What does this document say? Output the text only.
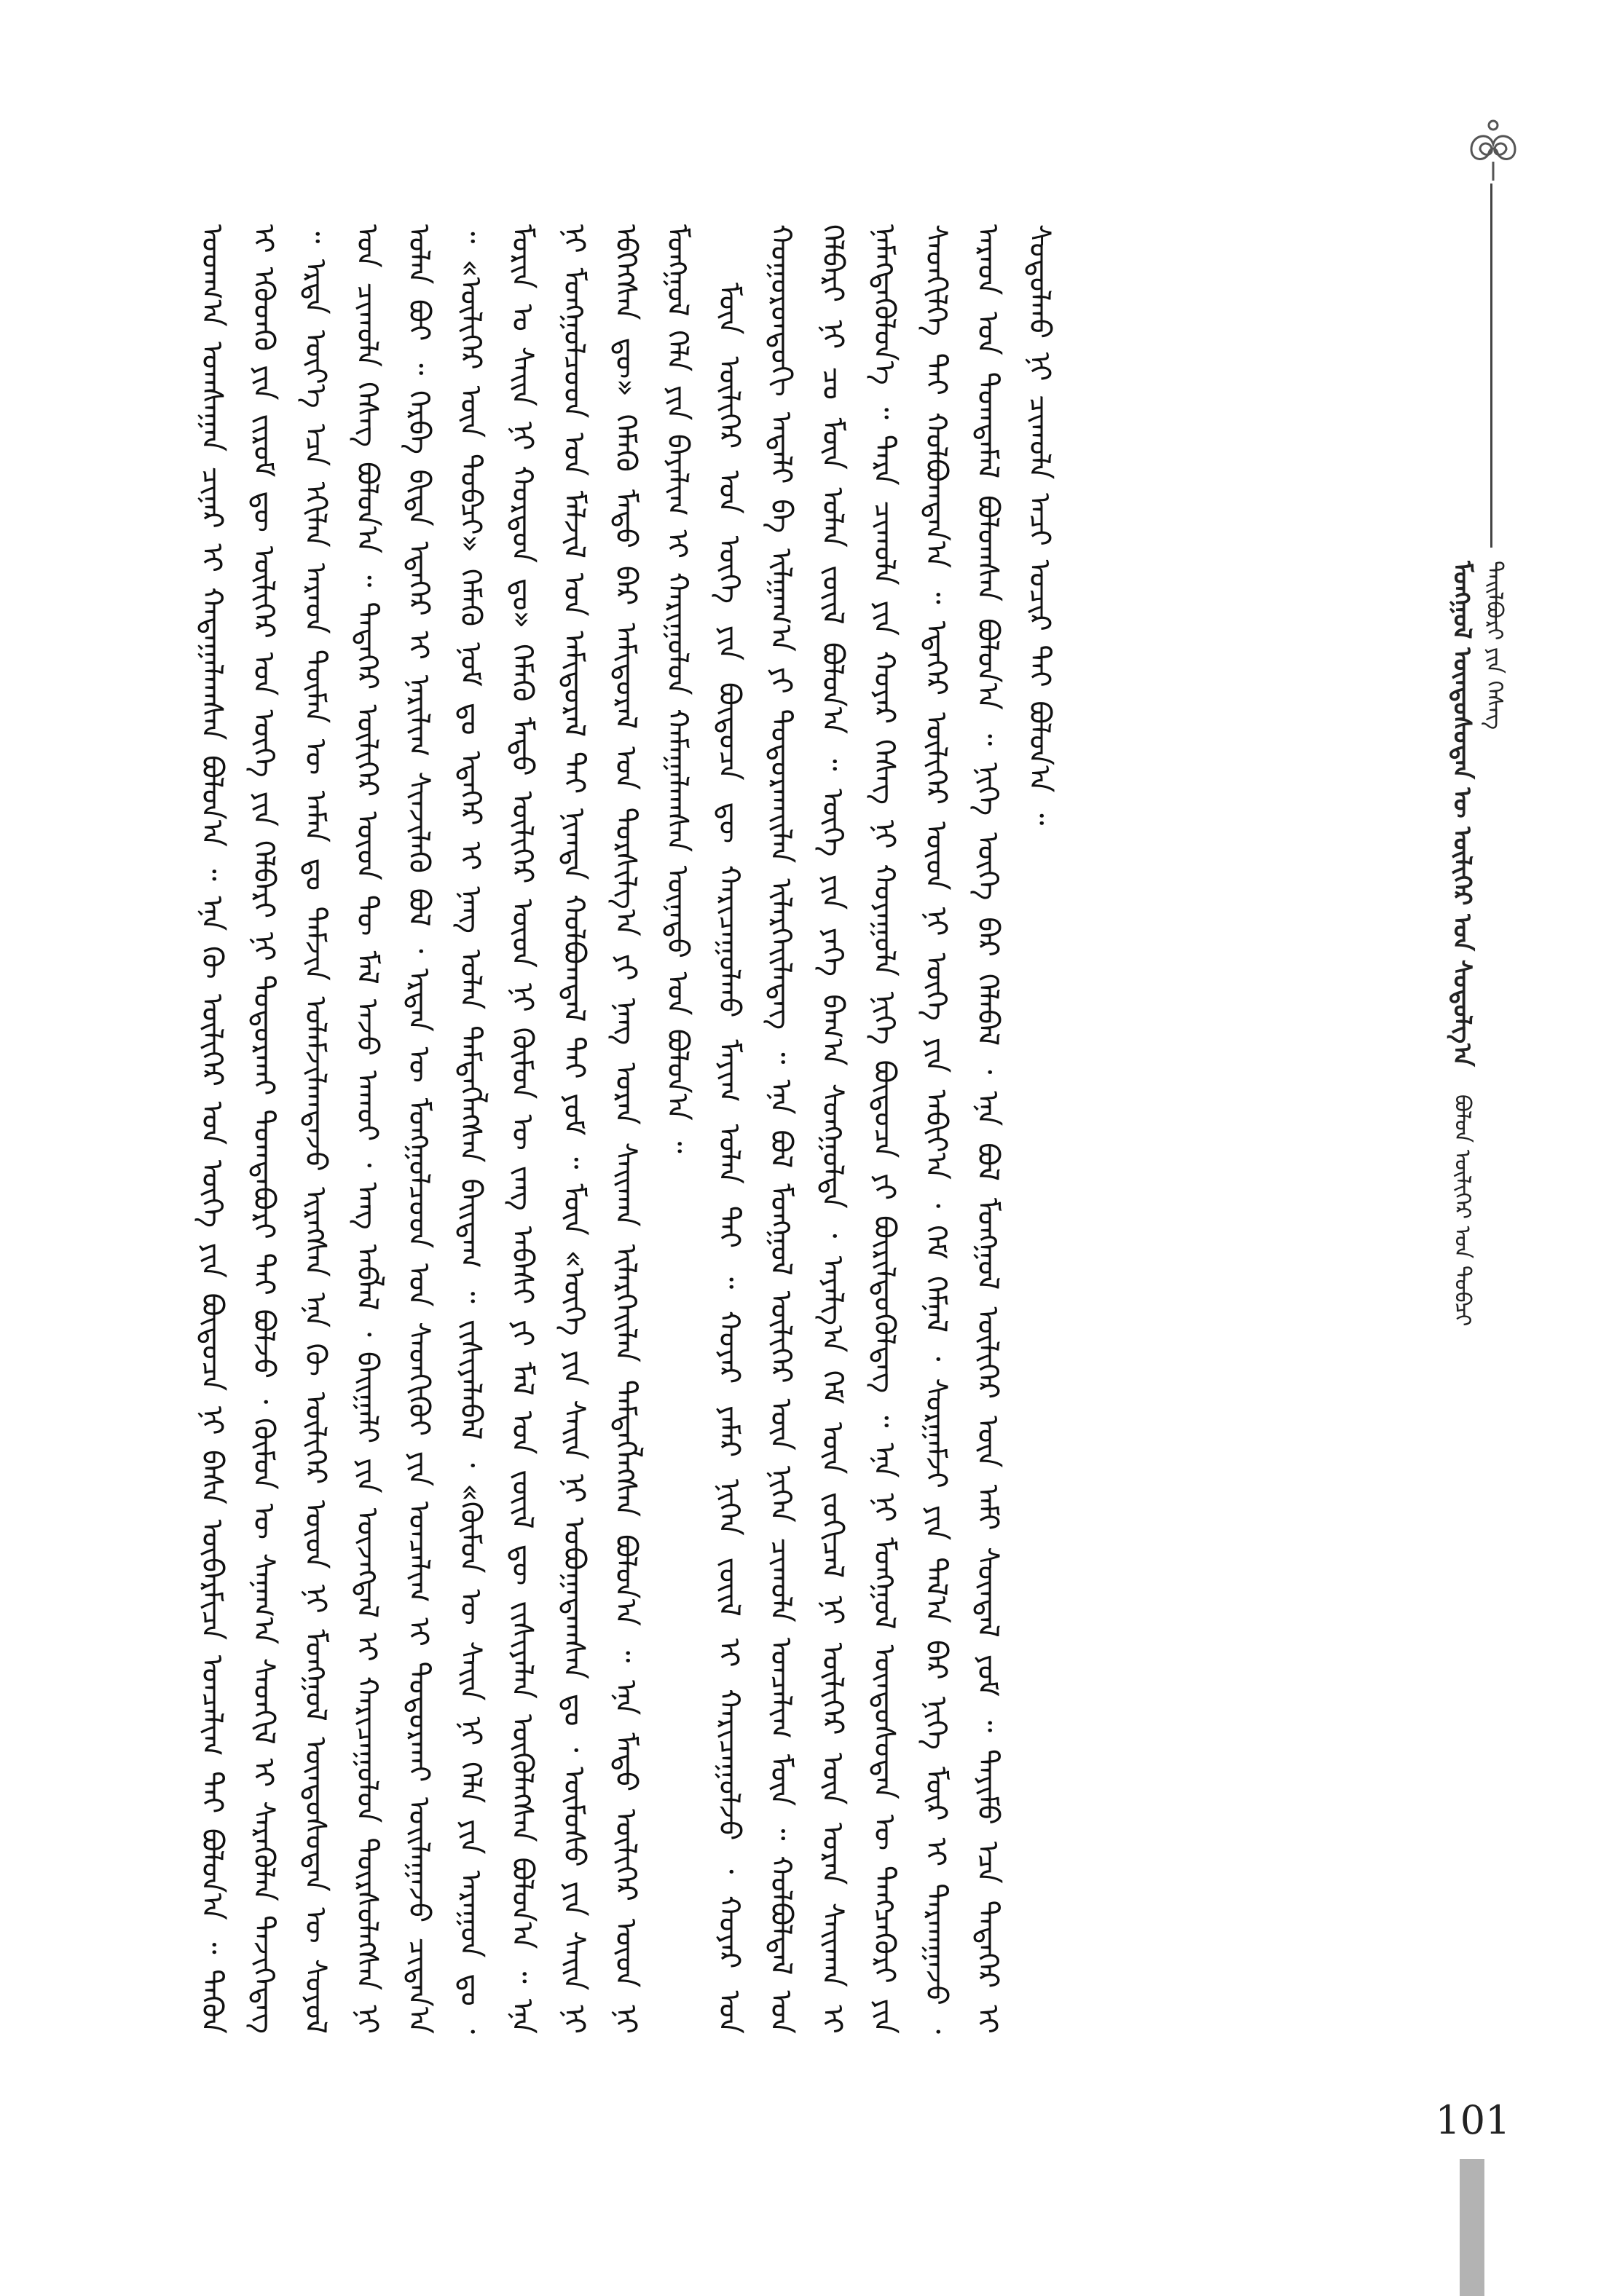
ᠮᠣᠩᠭᠣᠯ ᠦᠨᠳᠦᠰᠦᠲᠡᠨ ᠦ ᠦᠯᠢᠭᠡᠷ ᠤᠨ ᠰᠤᠳᠤᠯᠭ᠎ᠠ    ᠪᠣᠯᠤᠨ ᠦᠯᠢᠭᠡᠷ ᠤᠨ ᠲᠣᠪᠴᠢ ᠲᠠᠢᠯᠪᠤᠷᠢ ᠶᠢᠨ ᠬᠡᠰᠡᠭ

ᠤᠳᠬ᠎ᠠ ᠤᠭᠰᠠᠭᠠᠨ ᠴᠢᠨᠠᠷ ᠢ ᠬᠠᠳᠠᠭᠠᠯᠠᠭᠰᠠᠨ ᠪᠣᠯᠣᠨ᠎ᠠ ᠃ ᠡᠨᠡ ᠬᠦ ᠦᠯᠢᠭᠡᠷ ᠤᠨ ᠦᠭᠡ ᠶᠢᠨ ᠪᠦᠲᠦᠴᠡ ᠨᠢ ᠪᠠᠰᠠ ᠥᠪᠡᠷᠮᠢᠴᠡ ᠣᠨᠴᠠᠯᠢᠭ ᠲᠠᠢ ᠪᠣᠯᠣᠨ᠎ᠠ ᠃ ᠲᠡᠭᠦᠨ ᠢ ᠡᠭᠦᠳᠬᠦ ᠶᠢᠨ ᠵᠢᠷᠤᠮ ᠳᠦ ᠦᠯᠢᠭᠡᠷ ᠤᠨ ᠦᠭᠡ ᠶᠢᠨ ᠬᠡᠯᠪᠡᠷᠢ ᠨᠢ ᠲᠣᠳᠣᠷᠬᠠᠢ ᠲᠣᠭᠲᠠᠪᠣᠷᠢ ᠲᠠᠢ ᠪᠣᠯᠵᠤ ᠂ ᠬᠦᠮᠦᠨ ᠦ ᠰᠠᠨᠠᠭ᠎ᠠ ᠰᠡᠳᠬᠢᠯ ᠢ ᠰᠡᠷᠡᠭᠦᠯᠡᠨ ᠲᠡᠵᠢᠭᠡᠳᠡᠭ ᠃ ᠡᠷᠲᠡ ᠦᠶ᠎ᠡ ᠡᠴᠡ ᠡᠬᠢᠯᠡᠨ ᠠᠷᠠᠳ ᠲᠦᠮᠡᠨ ᠦ ᠠᠮᠠᠨ ᠳᠤ ᠳᠠᠮᠵᠢᠨ ᠤᠯᠠᠮᠵᠢᠯᠠᠭᠳᠠᠵᠤ ᠢᠷᠡᠭᠰᠡᠨ ᠡᠨᠡ ᠬᠦ ᠦᠯᠢᠭᠡᠷ ᠦᠳ ᠨᠢ ᠮᠣᠩᠭᠣᠯ ᠦᠨᠳᠦᠰᠦᠲᠡᠨ ᠦ ᠰᠣᠶᠣᠯ ᠤᠨ ᠴᠢᠬᠤᠯᠠ ᠬᠡᠰᠡᠭ ᠪᠣᠯᠣᠨ᠎ᠠ ᠃ ᠲᠡᠳᠡᠭᠡᠷ ᠦᠯᠢᠭᠡᠷ ᠦᠳ ᠲᠦ ᠮᠠᠯ ᠠᠵᠤ ᠠᠬᠤᠢ ᠂ ᠠᠩ ᠠᠪᠯᠠᠯ ᠂ ᠪᠠᠢᠭᠠᠯᠢ ᠶᠢᠨ ᠦᠵᠡᠭᠳᠡᠯ ᠢ ᠬᠠᠷᠢᠴᠠᠭᠤᠯᠤᠨ ᠳᠦᠷᠰᠦᠯᠡᠭᠰᠡᠨ ᠨᠢ ᠣᠯᠠᠨ ᠪᠣᠢ ᠃ ᠬᠡᠷᠪᠡ ᠪᠢᠳᠡ ᠡᠳᠡᠭᠡᠷ ᠢ ᠨᠠᠷᠢᠯᠢᠭ ᠰᠢᠨᠵᠢᠯᠡᠬᠦ ᠪᠣᠯ ᠂ ᠡᠷᠲᠡᠨ ᠦ ᠮᠣᠩᠭᠣᠯᠴᠤᠳ ᠤᠨ ᠰᠡᠳᠬᠢᠬᠦᠢ ᠶᠢᠨ ᠣᠨᠴᠠᠯᠢᠭ ᠢ ᠲᠣᠳᠣᠷᠬᠠᠢ ᠣᠢᠯᠠᠭᠠᠵᠤ ᠴᠢᠳᠠᠨ᠎ᠠ ᠃ «ᠦᠯᠢᠭᠡᠷ ᠦᠨ ᠲᠣᠪᠴᠢ» ᠬᠡᠮᠡᠬᠦ ᠨᠣᠮ ᠳᠤ ᠡᠳᠡᠭᠡᠷ ᠢ ᠨᠡᠩ ᠣᠯᠠᠨ ᠲᠡᠮᠳᠡᠭᠯᠡᠭᠰᠡᠨ ᠪᠠᠢᠳᠠᠭ ᠃ ᠵᠢᠱᠢᠶᠡᠯᠡᠪᠡᠯ ᠂ «ᠬᠦᠮᠦᠨ ᠦ ᠰᠠᠢᠨ ᠨᠢ ᠬᠡᠯᠡ ᠶᠢᠨ ᠠᠷᠠᠭᠤᠨ ᠳᠤ ᠂ ᠮᠣᠷᠢᠨ ᠤ ᠰᠠᠢᠨ ᠨᠢ ᠬᠤᠷᠳᠤᠨ ᠳᠤ» ᠬᠡᠮᠡᠬᠦ ᠮᠡᠲᠦ ᠦᠯᠢᠭᠡᠷ ᠦᠳ ᠨᠢ ᠬᠦᠮᠦᠨ ᠦ ᠵᠠᠩ ᠠᠪᠠᠰᠢ ᠶᠢ ᠮᠠᠯ ᠤᠨ ᠵᠦᠢᠯ ᠳᠦ ᠵᠢᠱᠢᠶᠡᠯᠡᠨ ᠦᠭᠦᠯᠡᠭᠰᠡᠨ ᠪᠣᠯᠣᠨ᠎ᠠ ᠃ ᠡᠨᠡ ᠨᠢ ᠮᠣᠩᠭᠣᠯᠴᠤᠳ ᠤᠨ ᠮᠠᠯᠵᠢᠯ ᠤᠨ ᠠᠮᠢᠳᠤᠷᠠᠯ ᠲᠠᠢ ᠨᠢᠭᠲᠠ ᠬᠣᠯᠪᠣᠭᠳᠠᠯ ᠲᠠᠢ ᠶᠤᠮ ᠃ ᠮᠦᠨ «ᠦᠭᠡ ᠶᠢᠨ ᠰᠠᠢᠨ ᠨᠢ ᠣᠪᠣᠭᠠᠳᠠᠭᠰᠠᠨ ᠳᠤ ᠂ ᠦᠮᠦᠰᠦ ᠶᠢᠨ ᠰᠠᠢᠨ ᠨᠢ ᠡᠪᠬᠡᠭᠰᠡᠨ ᠳᠦ» ᠬᠡᠮᠡᠬᠦ ᠮᠡᠲᠦ ᠪᠠᠷ ᠠᠮᠢᠳᠤᠷᠠᠯ ᠤᠨ ᠲᠤᠷᠰᠢᠯᠭ᠎ᠠ ᠶᠢ ᠨᠡᠩ ᠤᠷᠠᠨ ᠰᠠᠢᠬᠠᠨ ᠢᠯᠡᠷᠬᠡᠢᠯᠡᠨ ᠲᠡᠮᠳᠡᠭᠯᠡᠭᠰᠡᠨ ᠪᠣᠯᠣᠨ᠎ᠠ ᠃ ᠡᠨᠡ ᠮᠡᠲᠦ ᠦᠯᠢᠭᠡᠷ ᠦᠳ ᠨᠢ ᠮᠣᠩᠭᠣᠯ ᠬᠡᠯᠡ ᠶᠢᠨ ᠪᠠᠶᠠᠯᠢᠭ ᠢ ᠬᠠᠷᠢᠭᠤᠯᠤᠨ ᠬᠠᠮᠠᠭᠠᠯᠠᠭᠰᠠᠨ ᠦᠨᠡᠲᠦ ᠡᠳ ᠪᠣᠯᠣᠨ᠎ᠠ ᠃ ᠮᠦᠨ ᠦᠯᠢᠭᠡᠷ ᠤᠨ ᠦᠭᠡ ᠶᠢᠨ ᠪᠦᠲᠦᠴᠡ ᠳᠦ ᠬᠠᠷᠢᠴᠠᠭᠤᠯᠬᠤ ᠮᠠᠶᠢᠭ ᠣᠯᠠᠨ ᠲᠠᠢ ᠃ ᠬᠣᠶᠠᠷ ᠶᠠᠮᠠᠷ ᠨᠢᠭᠡᠨ ᠵᠦᠢᠯ ᠢ ᠬᠠᠷᠢᠴᠠᠭᠤᠯᠵᠤ ᠂ ᠬᠣᠶᠠᠷ ᠤᠨ ᠬᠣᠭᠣᠷᠣᠨᠳᠤᠬᠢ ᠠᠳᠠᠯᠢ ᠪᠠ ᠢᠯᠭᠠᠭ᠎ᠠ ᠶᠢ ᠲᠣᠳᠣᠷᠬᠠᠢᠯᠠᠨ ᠢᠯᠡᠷᠬᠡᠢᠯᠡᠳᠡᠭ ᠃ ᠡᠨᠡ ᠪᠣᠯ ᠮᠣᠩᠭᠣᠯ ᠦᠯᠢᠭᠡᠷ ᠦᠨ ᠨᠢᠭᠡᠨ ᠴᠢᠬᠤᠯᠠ ᠣᠨᠴᠠᠯᠢᠭ ᠮᠥᠨ ᠃ ᠬᠣᠯᠪᠣᠯᠳᠠᠯ ᠤᠨ ᠬᠡᠯᠪᠡᠷᠢ ᠨᠢ ᠴᠤ ᠮᠦᠨ ᠣᠯᠠᠨ ᠵᠦᠢᠯ ᠪᠣᠯᠣᠨ᠎ᠠ ᠃ ᠦᠭᠡ ᠶᠢᠨ ᠶᠡᠬᠡ ᠪᠠᠭ᠎ᠠ ᠰᠣᠩᠭᠣᠯᠲᠠ ᠂ ᠠᠶᠠᠯᠭ᠎ᠠ ᠬᠡᠮ ᠦᠨ ᠵᠣᠬᠢᠴᠠᠯ ᠨᠢ ᠦᠯᠢᠭᠡᠷ ᠦᠨ ᠤᠷᠠᠨ ᠰᠠᠢᠬᠠᠨ ᠢ ᠨᠡᠮᠡᠭᠳᠡᠭᠦᠯᠦᠨ᠎ᠡ ᠃ ᠲᠡᠷᠡ ᠴᠢᠬᠤᠯᠠ ᠶᠢᠨ ᠬᠣᠶᠠᠷ ᠬᠡᠰᠡᠭ ᠨᠢ ᠬᠣᠶᠠᠭᠤᠯᠠ ᠨᠢᠭᠡ ᠪᠦᠲᠦᠴᠡ ᠶᠢ ᠪᠦᠷᠢᠯᠳᠦᠭᠦᠯᠳᠡᠭ ᠃ ᠡᠨᠡ ᠨᠢ ᠮᠣᠩᠭᠣᠯ ᠦᠨᠳᠦᠰᠦᠲᠡᠨ ᠦ ᠲᠡᠩᠴᠡᠭᠦᠷᠢ ᠶᠢᠨ ᠰᠡᠳᠬᠢᠯᠭᠡ ᠲᠡᠢ ᠬᠣᠯᠪᠣᠭᠳᠠᠨ᠎ᠠ ᠃ ᠡᠳᠡᠭᠡᠷ ᠦᠯᠢᠭᠡᠷ ᠦᠳ ᠨᠢ ᠦᠭᠡ ᠶᠢᠨ ᠠᠪᠢᠶ᠎ᠠ ᠂ ᠬᠡᠮ ᠬᠡᠮᠨᠡᠯ ᠂ ᠰᠤᠷᠭᠠᠮᠵᠢ ᠶᠢᠨ ᠲᠠᠯ᠎ᠠ ᠪᠠᠷ ᠨᠢᠭᠡ ᠮᠥᠷ ᠢ ᠲᠠᠷᠬᠠᠭᠠᠵᠤ ᠂ ᠠᠷᠠᠳ ᠤᠨ ᠲᠣᠭᠲᠠᠮᠠᠯ ᠪᠣᠯᠤᠭᠰᠠᠨ ᠪᠣᠯᠣᠨ᠎ᠠ ᠃ ᠨᠢᠭᠡ ᠦᠭᠡ ᠪᠡᠷ ᠬᠡᠯᠡᠪᠡᠯ ᠂ ᠡᠨᠡ ᠪᠣᠯ ᠮᠣᠩᠭᠣᠯ ᠦᠯᠢᠭᠡᠷ ᠦᠨ ᠠᠮᠢ ᠰᠦᠨᠳᠡᠯ ᠶᠤᠮ ᠃ ᠲᠡᠶᠢᠮᠦ ᠡᠴᠡ ᠲᠡᠳᠡᠭᠡᠷ ᠢ ᠰᠤᠳᠤᠯᠬᠤ ᠨᠢ ᠴᠢᠬᠤᠯᠠ ᠠᠴᠢ ᠤᠴᠢᠷ ᠲᠠᠢ ᠪᠣᠯᠣᠨ᠎ᠠ ᠃

101
